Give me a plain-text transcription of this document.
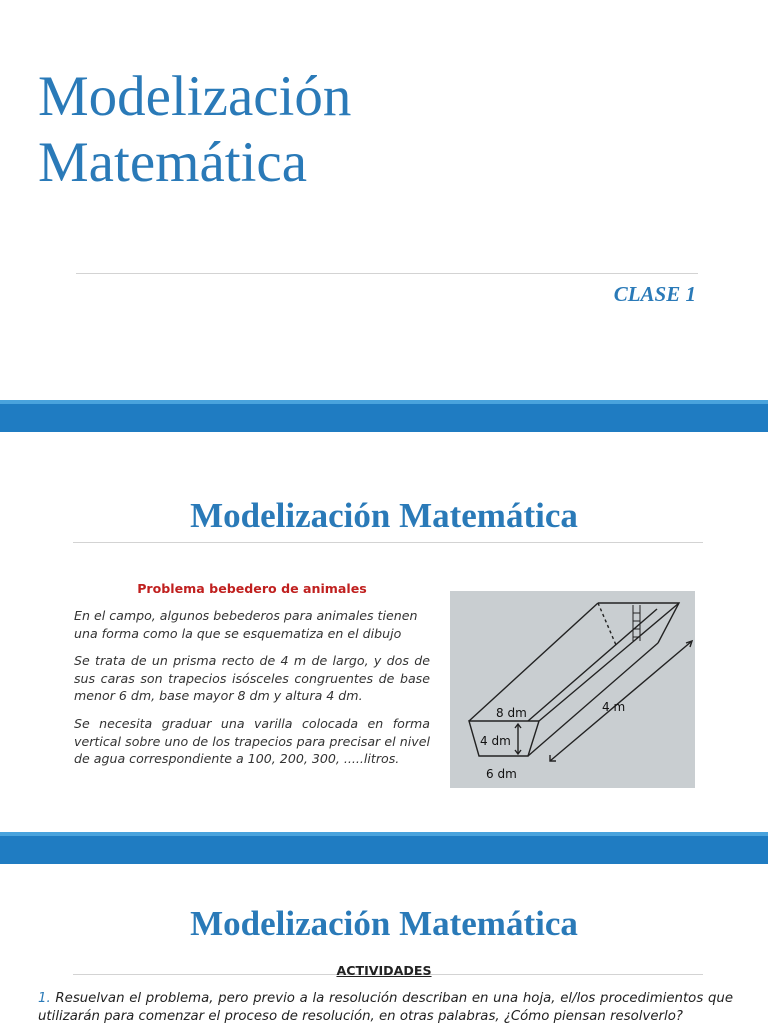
Modelización
Matemática
CLASE 1
Modelización Matemática
Problema bebedero de animales
En el campo, algunos bebederos para animales tienen una forma como la que se esquematiza en el dibujo
Se trata de un prisma recto de 4 m de largo, y dos de sus caras son trapecios isósceles congruentes de base menor 6 dm, base mayor 8 dm y altura 4 dm.
Se necesita graduar una varilla colocada en forma vertical sobre uno de los trapecios para precisar el nivel de agua correspondiente a 100, 200, 300, .....litros.
8 dm	4 m
4 dm
6 dm
Modelización Matemática
ACTIVIDADES
1. Resuelvan el problema, pero previo a la resolución describan en una hoja, el/los procedimientos que utilizarán para comenzar el proceso de resolución, en otras palabras, ¿Cómo piensan resolverlo?
